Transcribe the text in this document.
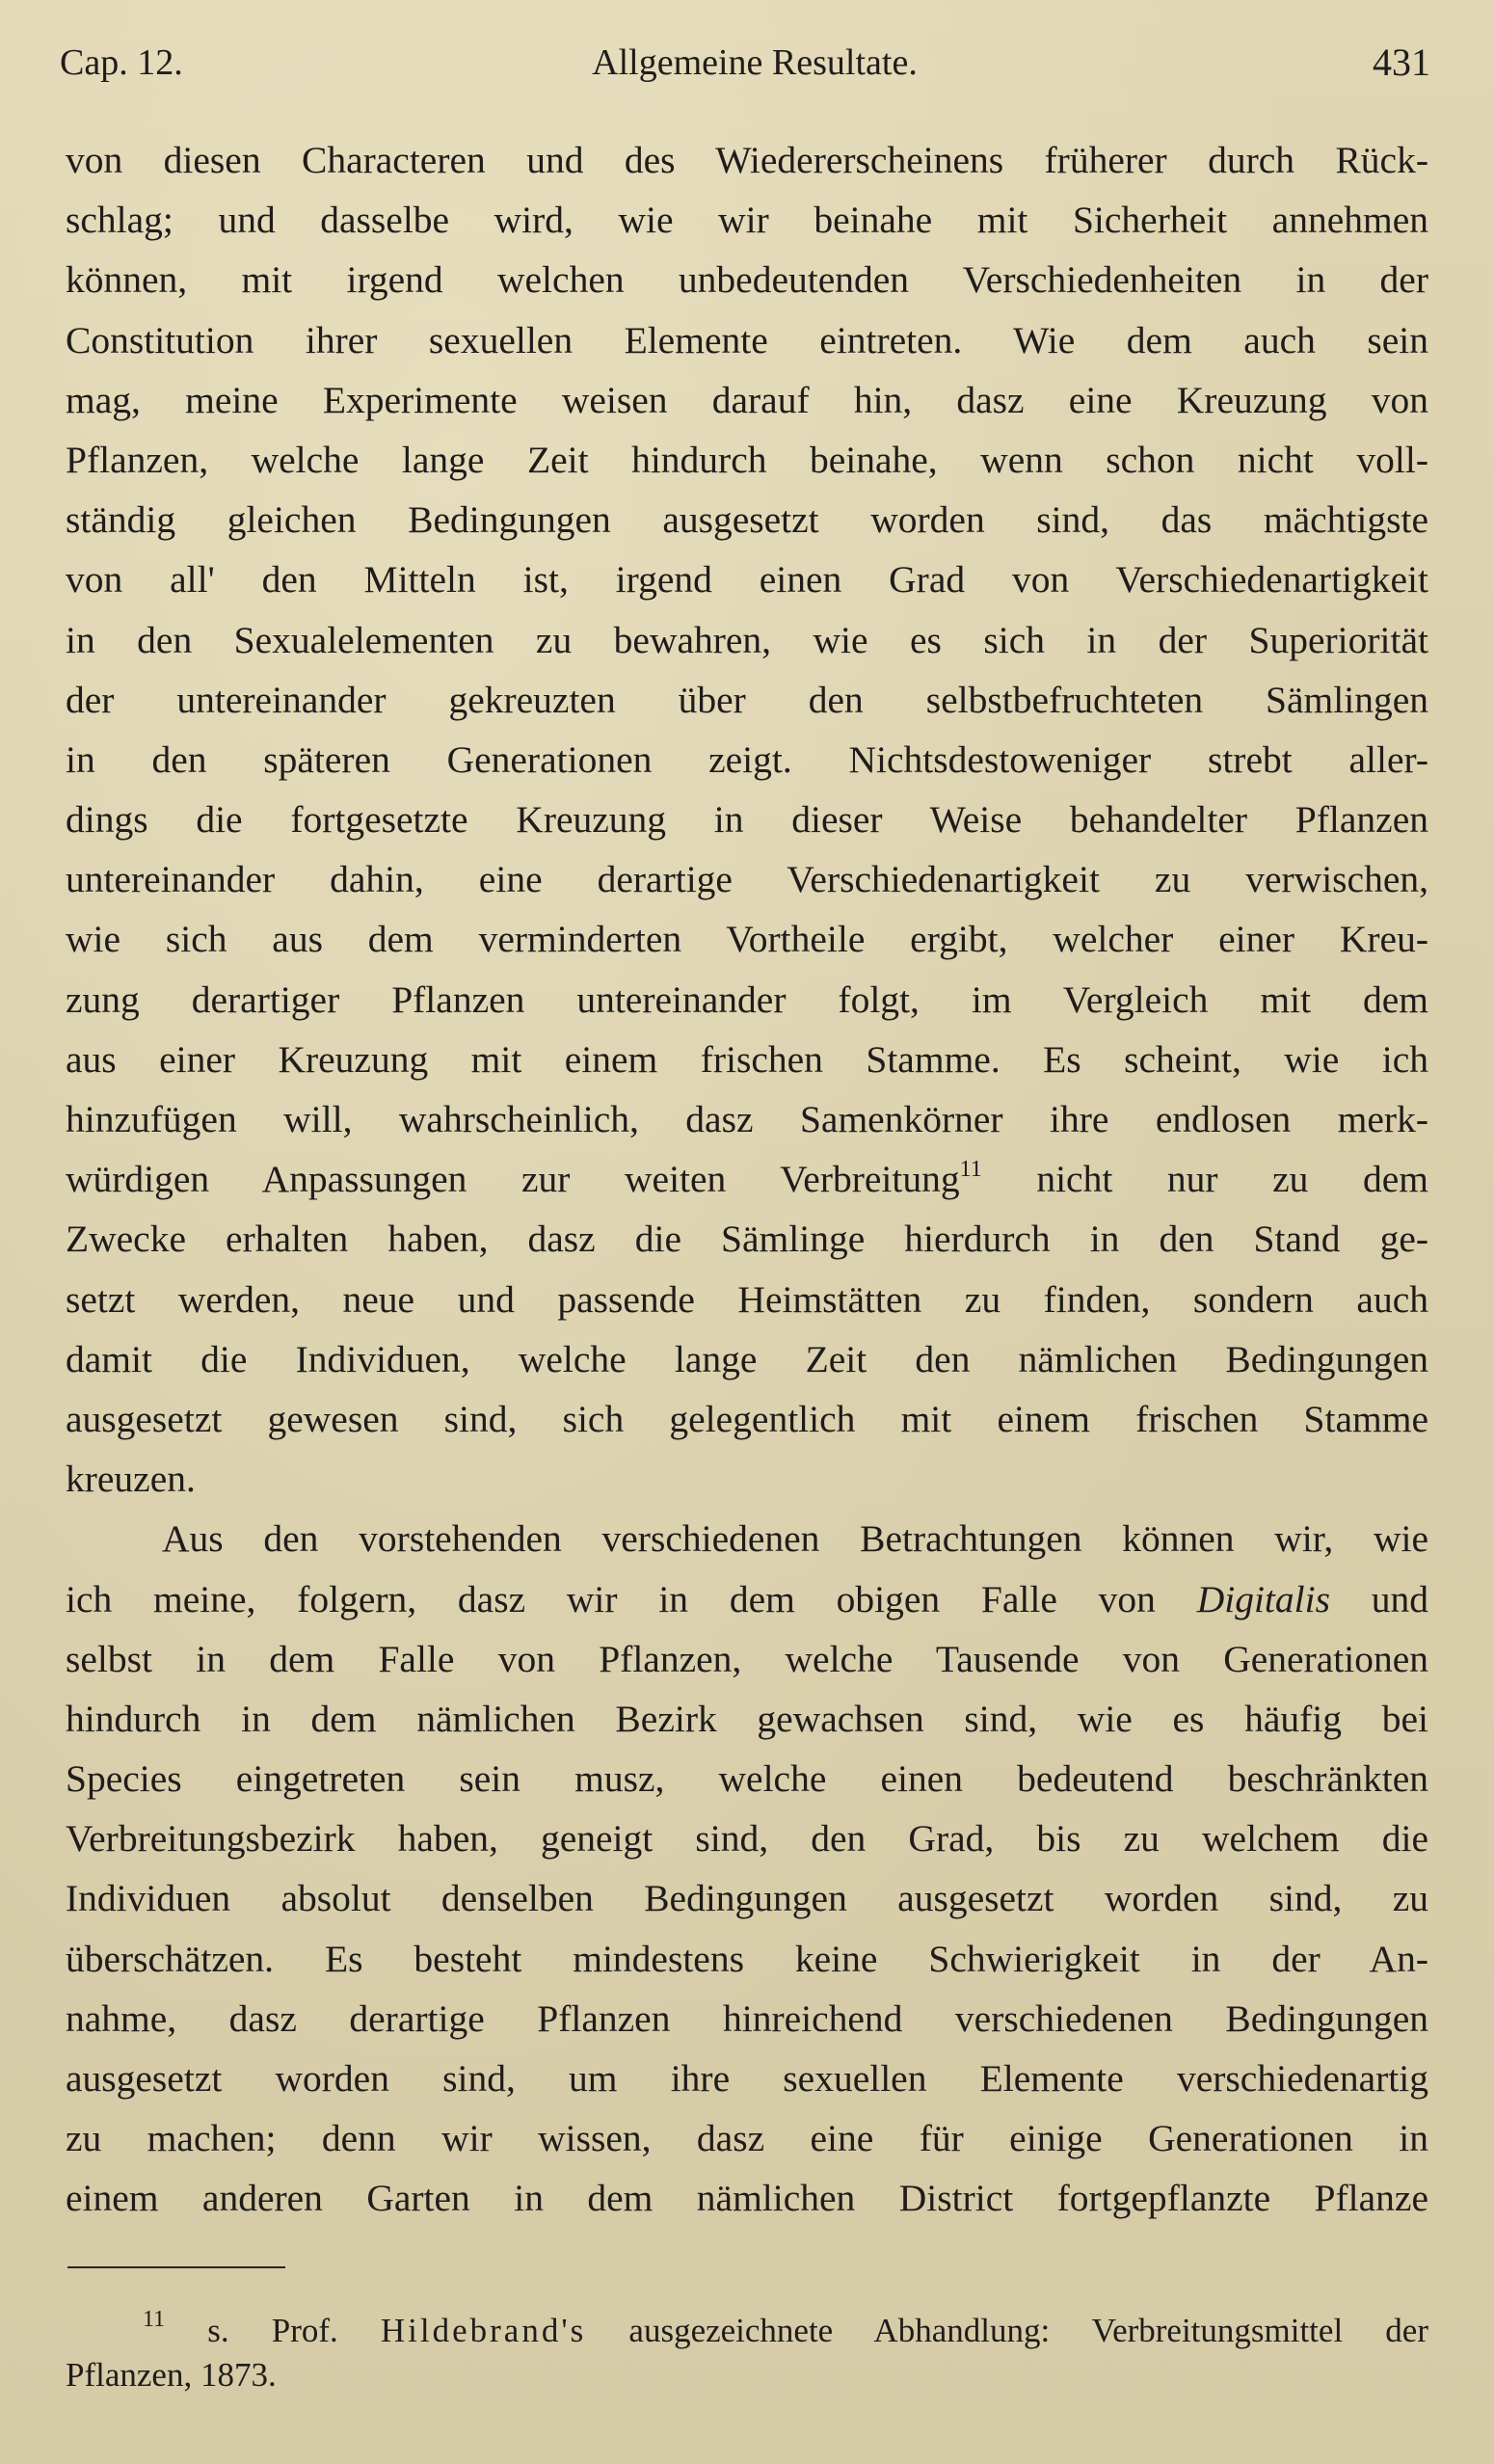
Cap. 12.	Allgemeine Resultate.	431
von diesen Characteren und des Wiedererscheinens früherer durch Rück-
schlag; und dasselbe wird, wie wir beinahe mit Sicherheit annehmen
können, mit irgend welchen unbedeutenden Verschiedenheiten in der
Constitution ihrer sexuellen Elemente eintreten. Wie dem auch sein
mag, meine Experimente weisen darauf hin, dasz eine Kreuzung von
Pflanzen, welche lange Zeit hindurch beinahe, wenn schon nicht voll-
ständig gleichen Bedingungen ausgesetzt worden sind, das mächtigste
von all' den Mitteln ist, irgend einen Grad von Verschiedenartigkeit
in den Sexualelementen zu bewahren, wie es sich in der Superiorität
der untereinander gekreuzten über den selbstbefruchteten Sämlingen
in den späteren Generationen zeigt. Nichtsdestoweniger strebt aller-
dings die fortgesetzte Kreuzung in dieser Weise behandelter Pflanzen
untereinander dahin, eine derartige Verschiedenartigkeit zu verwischen,
wie sich aus dem verminderten Vortheile ergibt, welcher einer Kreu-
zung derartiger Pflanzen untereinander folgt, im Vergleich mit dem
aus einer Kreuzung mit einem frischen Stamme. Es scheint, wie ich
hinzufügen will, wahrscheinlich, dasz Samenkörner ihre endlosen merk-
würdigen Anpassungen zur weiten Verbreitung$^{11}$ nicht nur zu dem
Zwecke erhalten haben, dasz die Sämlinge hierdurch in den Stand ge-
setzt werden, neue und passende Heimstätten zu finden, sondern auch
damit die Individuen, welche lange Zeit den nämlichen Bedingungen
ausgesetzt gewesen sind, sich gelegentlich mit einem frischen Stamme
kreuzen.
Aus den vorstehenden verschiedenen Betrachtungen können wir, wie
ich meine, folgern, dasz wir in dem obigen Falle von Digitalis und
selbst in dem Falle von Pflanzen, welche Tausende von Generationen
hindurch in dem nämlichen Bezirk gewachsen sind, wie es häufig bei
Species eingetreten sein musz, welche einen bedeutend beschränkten
Verbreitungsbezirk haben, geneigt sind, den Grad, bis zu welchem die
Individuen absolut denselben Bedingungen ausgesetzt worden sind, zu
überschätzen. Es besteht mindestens keine Schwierigkeit in der An-
nahme, dasz derartige Pflanzen hinreichend verschiedenen Bedingungen
ausgesetzt worden sind, um ihre sexuellen Elemente verschiedenartig
zu machen; denn wir wissen, dasz eine für einige Generationen in
einem anderen Garten in dem nämlichen District fortgepflanzte Pflanze
$^{11}$ s. Prof. Hildebrand's ausgezeichnete Abhandlung: Verbreitungsmittel der
Pflanzen, 1873.
